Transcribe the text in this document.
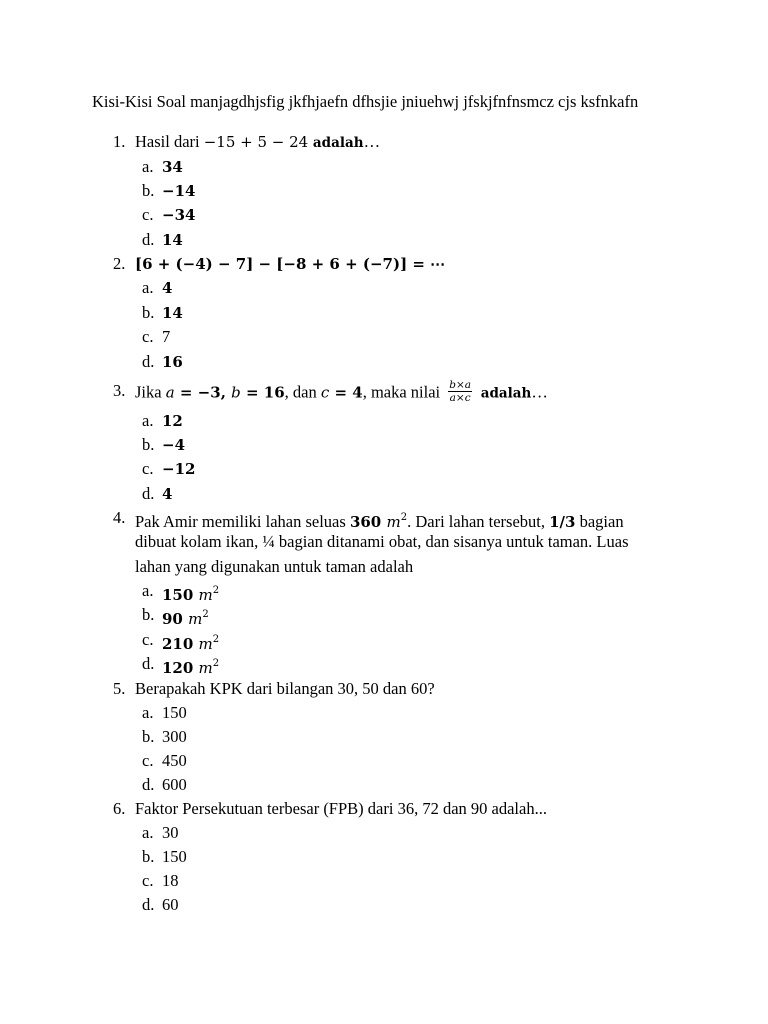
Kisi-Kisi Soal manjagdhjsfig jkfhjaefn dfhsjie jniuehwj jfskjfnfnsmcz cjs ksfnkafn
1. Hasil dari −15 + 5 − 24 adalah…
a. 34
b. −14
c. −34
d. 14
2. [6 + (−4) − 7] − [−8 + 6 + (−7)] = ⋯
a. 4
b. 14
c. 7
d. 16
3. Jika a = −3, b = 16, dan c = 4, maka nilai $\frac{b\times a}{a\times c}$ adalah…
a. 12
b. −4
c. −12
d. 4
4. Pak Amir memiliki lahan seluas 360 $m^2$. Dari lahan tersebut, 1/3 bagian
dibuat kolam ikan, ¼ bagian ditanami obat, dan sisanya untuk taman. Luas
lahan yang digunakan untuk taman adalah
a. 150 $m^2$
b. 90 $m^2$
c. 210 $m^2$
d. 120 $m^2$
5. Berapakah KPK dari bilangan 30, 50 dan 60?
a. 150
b. 300
c. 450
d. 600
6. Faktor Persekutuan terbesar (FPB) dari 36, 72 dan 90 adalah...
a. 30
b. 150
c. 18
d. 60
